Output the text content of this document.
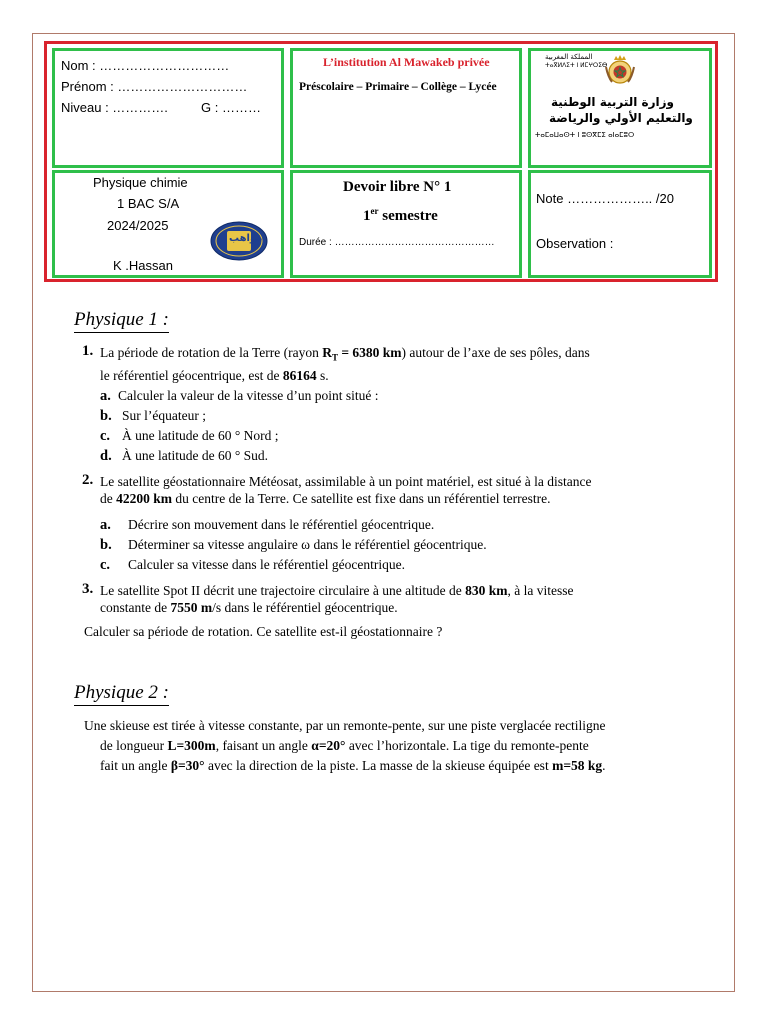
Nom : …………………………
Prénom : …………………………
Niveau : ………….	G : ………
L’institution Al Mawakeb privée
Préscolaire – Primaire – Collège – Lycée
المملكة المغربية
ⵜⴰⴳⵍⴷⵉⵜ ⵏ ⵍⵎⵖⵔⵉⴱ
وزارة التربية الوطنية
والتعليم الأولي والرياضة
ⵜⴰⵎⴰⵡⴰⵙⵜ ⵏ ⵓⵙⴳⵎⵉ ⴰⵏⴰⵎⵓⵔ
Physique chimie
1 BAC S/A
2024/2025
K .Hassan
مواهب
Devoir libre N° 1
1er semestre
Durée : …………………………………………
Note ……………….. /20
Observation :
Physique 1 :
1. La période de rotation de la Terre (rayon $R_T = 6380$ km) autour de l’axe de ses pôles, dans
le référentiel géocentrique, est de 86164 s.
a. Calculer la valeur de la vitesse d’un point situé :
b. Sur l’équateur ;
c. À une latitude de 60 ° Nord ;
d. À une latitude de 60 ° Sud.
2. Le satellite géostationnaire Météosat, assimilable à un point matériel, est situé à la distance
de 42200 km du centre de la Terre. Ce satellite est fixe dans un référentiel terrestre.
a. Décrire son mouvement dans le référentiel géocentrique.
b. Déterminer sa vitesse angulaire ω dans le référentiel géocentrique.
c. Calculer sa vitesse dans le référentiel géocentrique.
3. Le satellite Spot II décrit une trajectoire circulaire à une altitude de 830 km, à la vitesse
constante de 7550 m/s dans le référentiel géocentrique.
Calculer sa période de rotation. Ce satellite est-il géostationnaire ?
Physique 2 :
Une skieuse est tirée à vitesse constante, par un remonte-pente, sur une piste verglacée rectiligne
de longueur L=300m, faisant un angle α=20° avec l’horizontale. La tige du remonte-pente
fait un angle β=30° avec la direction de la piste. La masse de la skieuse équipée est m=58 kg.
